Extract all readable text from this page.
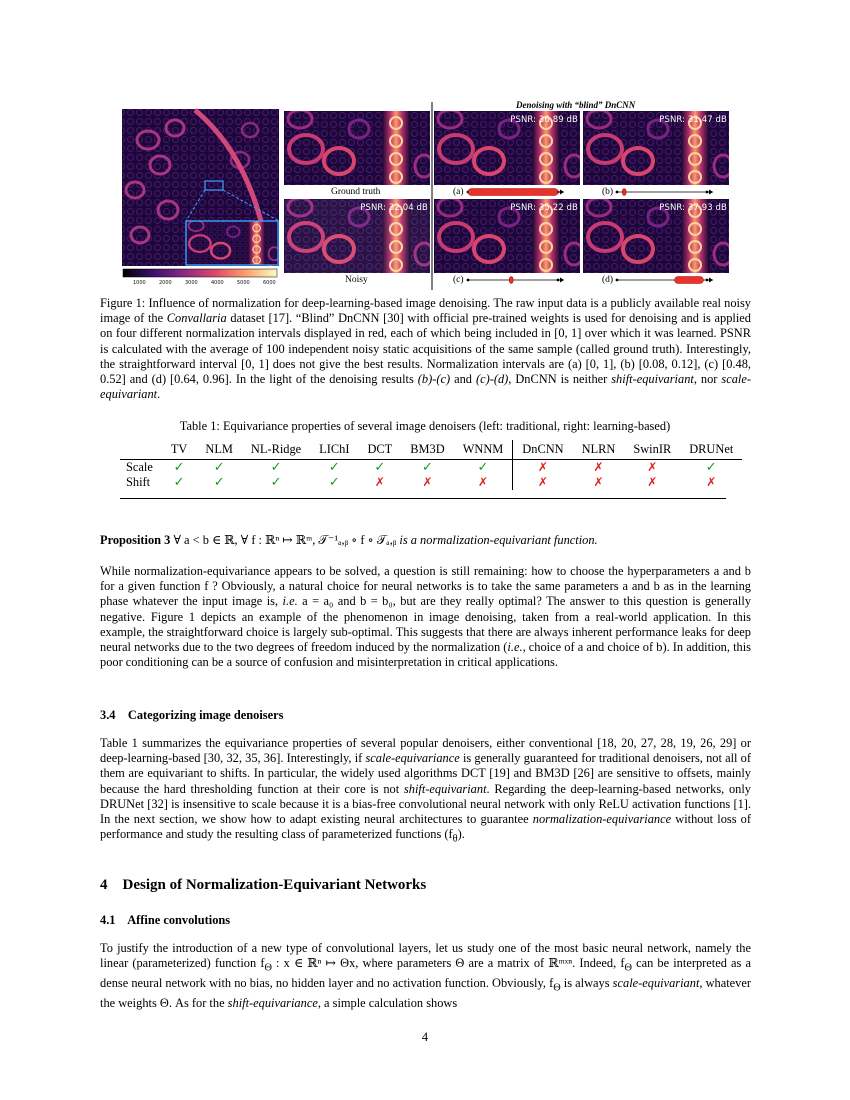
Denoising with “blind” DnCNN
PSNR: 36.89 dB	PSNR: 31.47 dB
PSNR: 32.04 dB	PSNR: 35.22 dB	PSNR: 37.93 dB
Ground truth
Noisy
(a)	(b)
(c)	(d)
1000	2000	3000	4000	5000	6000

Figure 1: Influence of normalization for deep-learning-based image denoising. The raw input data is a publicly available real noisy image of the Convallaria dataset [17]. “Blind” DnCNN [30] with official pre-trained weights is used for denoising and is applied on four different normalization intervals displayed in red, each of which being included in [0, 1] over which it was learned. PSNR is calculated with the average of 100 independent noisy static acquisitions of the same sample (called ground truth). Interestingly, the straightforward interval [0, 1] does not give the best results. Normalization intervals are (a) [0, 1], (b) [0.08, 0.12], (c) [0.48, 0.52] and (d) [0.64, 0.96]. In the light of the denoising results (b)-(c) and (c)-(d), DnCNN is neither shift-equivariant, nor scale-equivariant.

Table 1: Equivariance properties of several image denoisers (left: traditional, right: learning-based)
	TV	NLM	NL-Ridge	LIChI	DCT	BM3D	WNNM	DnCNN	NLRN	SwinIR	DRUNet
Scale	✓	✓	✓	✓	✓	✓	✓	✗	✗	✗	✓
Shift	✓	✓	✓	✓	✗	✗	✗	✗	✗	✗	✗

Proposition 3 ∀ a < b ∈ ℝ, ∀ f : ℝⁿ ↦ ℝᵐ, 𝒯⁻¹ₐ,ᵦ ∘ f ∘ 𝒯ₐ,ᵦ is a normalization-equivariant function.

While normalization-equivariance appears to be solved, a question is still remaining: how to choose the hyperparameters a and b for a given function f ? Obviously, a natural choice for neural networks is to take the same parameters a and b as in the learning phase whatever the input image is, i.e. a = a₀ and b = b₀, but are they really optimal? The answer to this question is generally negative. Figure 1 depicts an example of the phenomenon in image denoising, taken from a real-world application. In this example, the straightforward choice is largely sub-optimal. This suggests that there are always inherent performance leaks for deep neural networks due to the two degrees of freedom induced by the normalization (i.e., choice of a and choice of b). In addition, this poor conditioning can be a source of confusion and misinterpretation in critical applications.

3.4    Categorizing image denoisers

Table 1 summarizes the equivariance properties of several popular denoisers, either conventional [18, 20, 27, 28, 19, 26, 29] or deep-learning-based [30, 32, 35, 36]. Interestingly, if scale-equivariance is generally guaranteed for traditional denoisers, not all of them are equivariant to shifts. In particular, the widely used algorithms DCT [19] and BM3D [26] are sensitive to offsets, mainly because the hard thresholding function at their core is not shift-equivariant. Regarding the deep-learning-based networks, only DRUNet [32] is insensitive to scale because it is a bias-free convolutional neural network with only ReLU activation functions [1]. In the next section, we show how to adapt existing neural architectures to guarantee normalization-equivariance without loss of performance and study the resulting class of parameterized functions $(f_\theta)$.

4    Design of Normalization-Equivariant Networks
4.1    Affine convolutions

To justify the introduction of a new type of convolutional layers, let us study one of the most basic neural network, namely the linear (parameterized) function $f_\Theta$ : x ∈ ℝⁿ ↦ Θx, where parameters Θ are a matrix of ℝᵐˣⁿ. Indeed, $f_\Theta$ can be interpreted as a dense neural network with no bias, no hidden layer and no activation function. Obviously, $f_\Theta$ is always scale-equivariant, whatever the weights Θ. As for the shift-equivariance, a simple calculation shows

4
